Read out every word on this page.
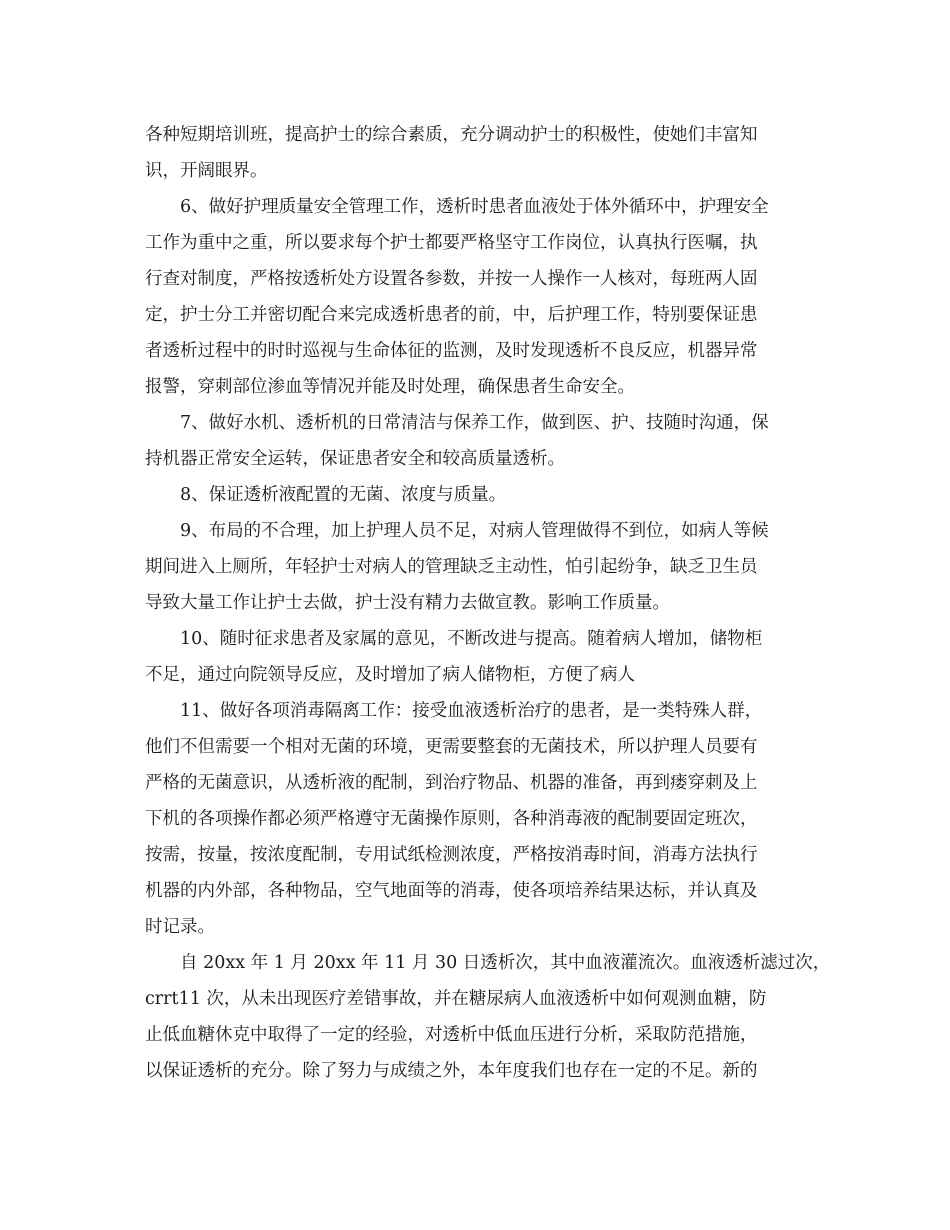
各种短期培训班，提高护士的综合素质，充分调动护士的积极性，使她们丰富知
识，开阔眼界。
6、做好护理质量安全管理工作，透析时患者血液处于体外循环中，护理安全
工作为重中之重，所以要求每个护士都要严格坚守工作岗位，认真执行医嘱，执
行查对制度，严格按透析处方设置各参数，并按一人操作一人核对，每班两人固
定，护士分工并密切配合来完成透析患者的前，中，后护理工作，特别要保证患
者透析过程中的时时巡视与生命体征的监测，及时发现透析不良反应，机器异常
报警，穿刺部位渗血等情况并能及时处理，确保患者生命安全。
7、做好水机、透析机的日常清洁与保养工作，做到医、护、技随时沟通，保
持机器正常安全运转，保证患者安全和较高质量透析。
8、保证透析液配置的无菌、浓度与质量。
9、布局的不合理，加上护理人员不足，对病人管理做得不到位，如病人等候
期间进入上厕所，年轻护士对病人的管理缺乏主动性，怕引起纷争，缺乏卫生员
导致大量工作让护士去做，护士没有精力去做宣教。影响工作质量。
10、随时征求患者及家属的意见，不断改进与提高。随着病人增加，储物柜
不足，通过向院领导反应，及时增加了病人储物柜，方便了病人
11、做好各项消毒隔离工作：接受血液透析治疗的患者，是一类特殊人群，
他们不但需要一个相对无菌的环境，更需要整套的无菌技术，所以护理人员要有
严格的无菌意识，从透析液的配制，到治疗物品、机器的准备，再到瘘穿刺及上
下机的各项操作都必须严格遵守无菌操作原则，各种消毒液的配制要固定班次，
按需，按量，按浓度配制，专用试纸检测浓度，严格按消毒时间，消毒方法执行
机器的内外部，各种物品，空气地面等的消毒，使各项培养结果达标，并认真及
时记录。
自 20xx 年 1 月 20xx 年 11 月 30 日透析次，其中血液灌流次。血液透析滤过次，
crrt11 次，从未出现医疗差错事故，并在糖尿病人血液透析中如何观测血糖，防
止低血糖休克中取得了一定的经验，对透析中低血压进行分析，采取防范措施，
以保证透析的充分。除了努力与成绩之外，本年度我们也存在一定的不足。新的
